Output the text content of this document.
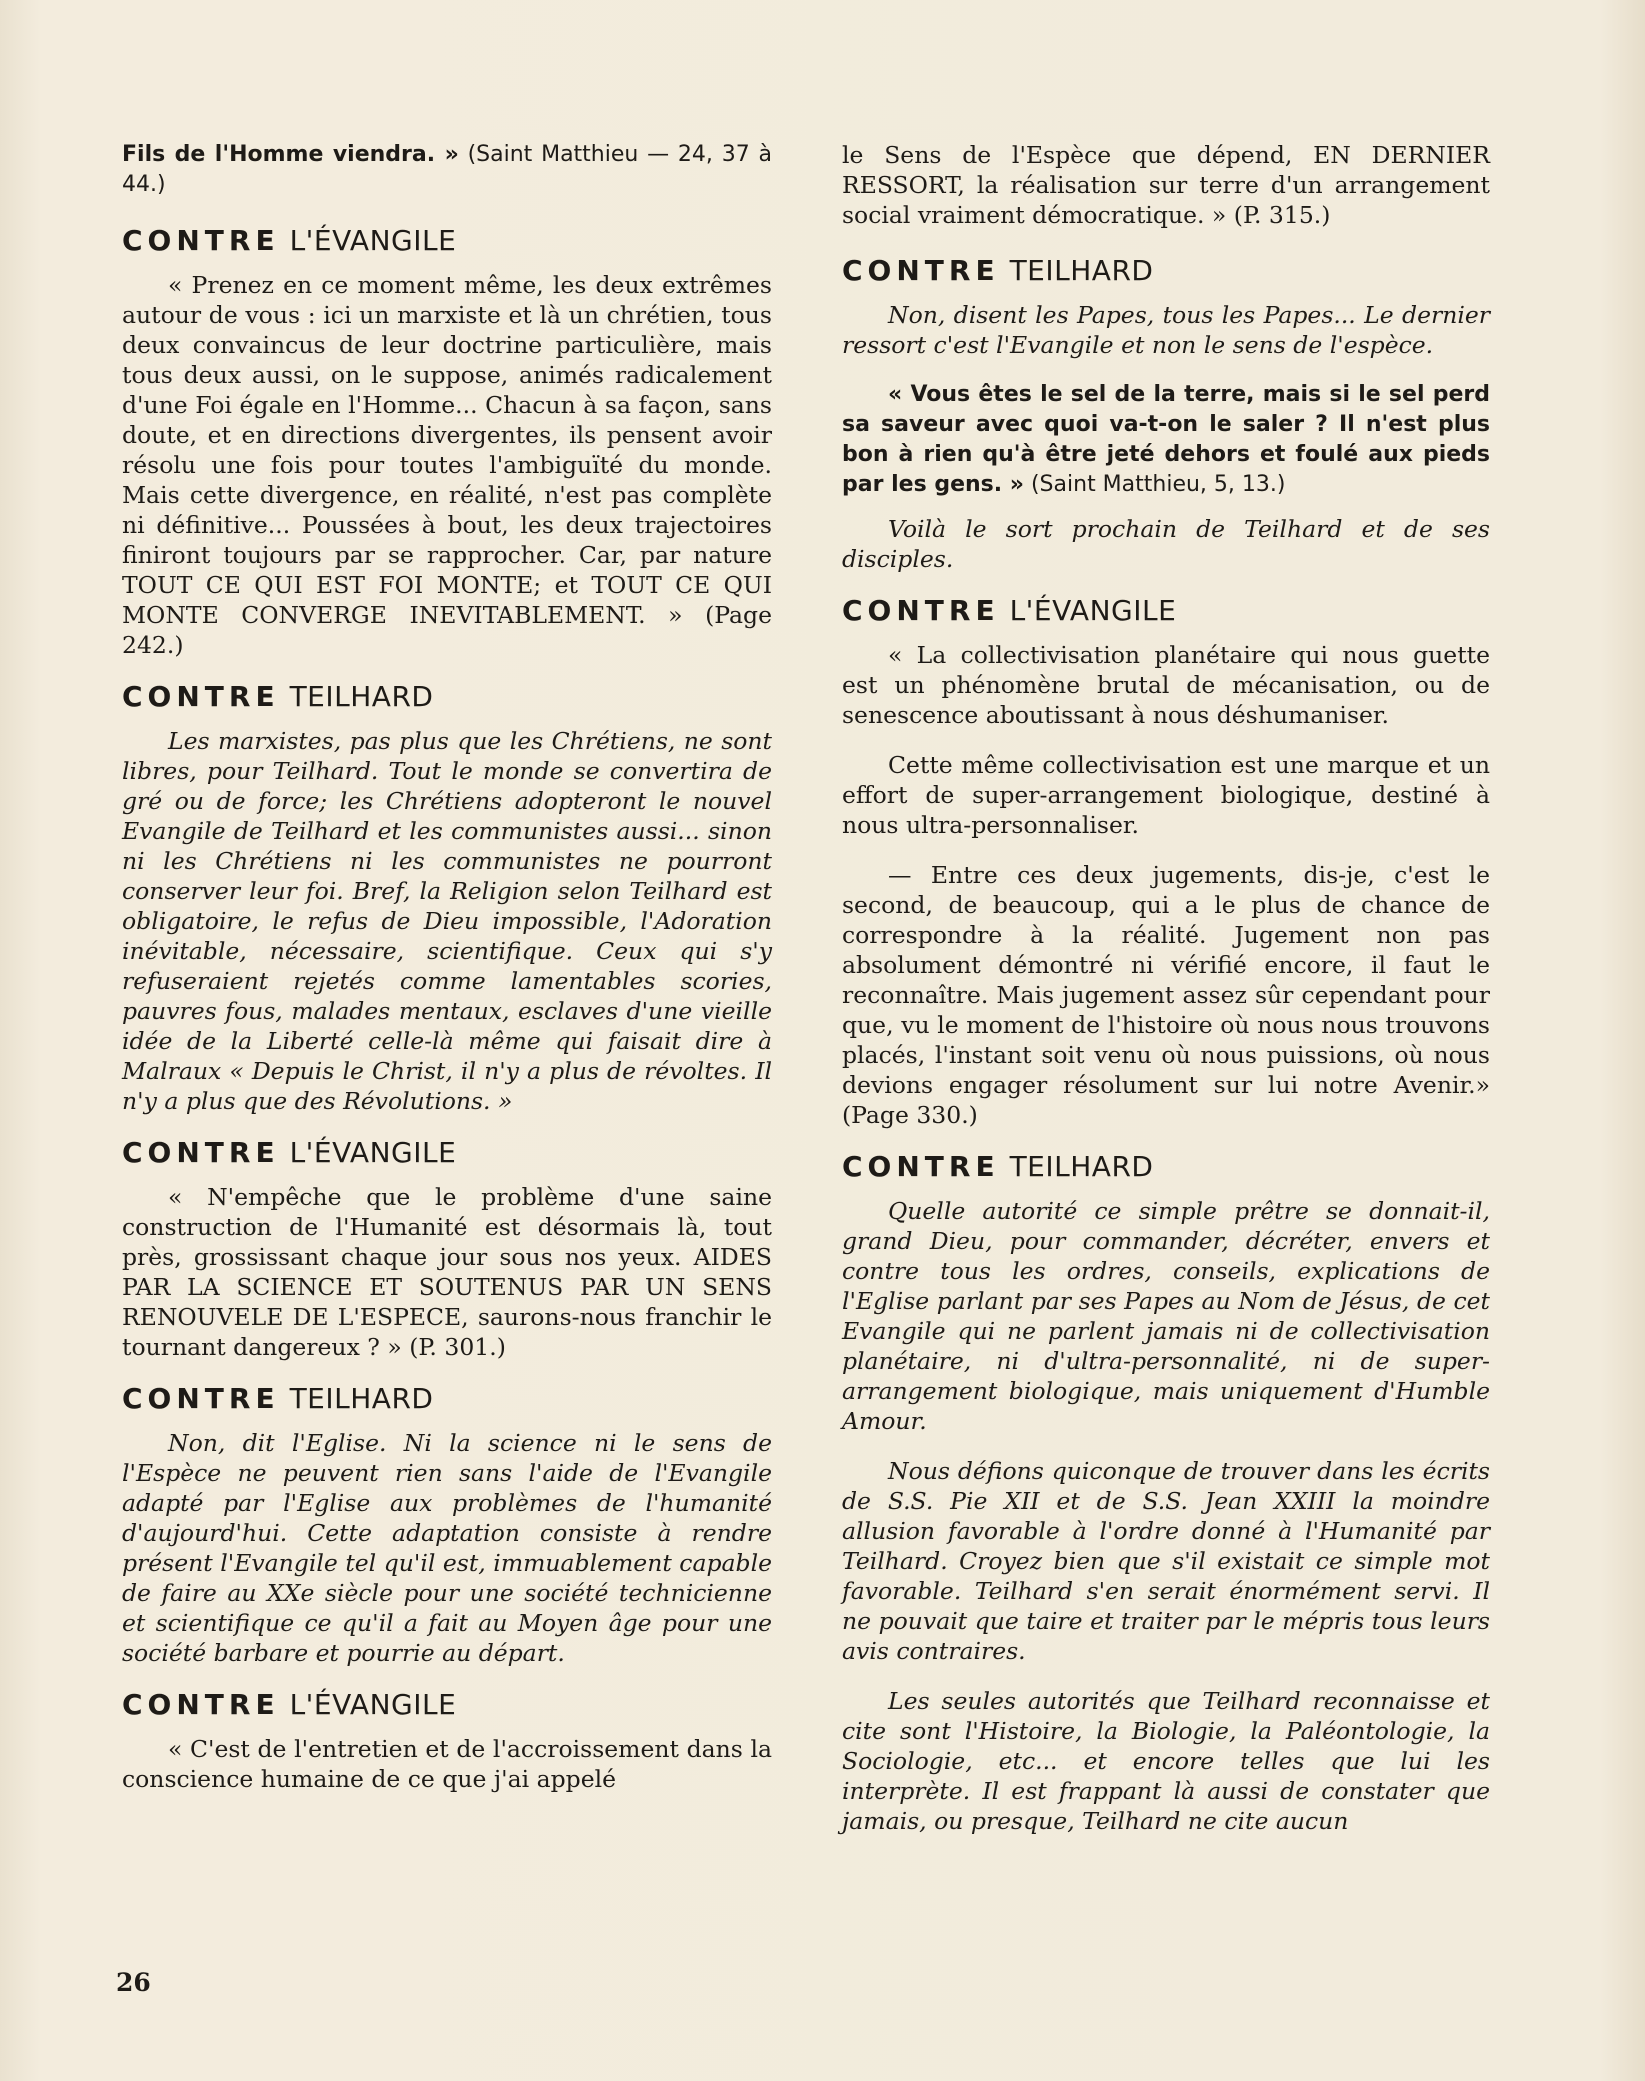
Fils de l'Homme viendra. » (Saint Matthieu — 24, 37 à 44.)

CONTRE L'ÉVANGILE

« Prenez en ce moment même, les deux extrêmes autour de vous : ici un marxiste et là un chrétien, tous deux convaincus de leur doctrine particulière, mais tous deux aussi, on le suppose, animés radicalement d'une Foi égale en l'Homme... Chacun à sa façon, sans doute, et en directions divergentes, ils pensent avoir résolu une fois pour toutes l'ambiguïté du monde. Mais cette divergence, en réalité, n'est pas complète ni définitive... Poussées à bout, les deux trajectoires finiront toujours par se rapprocher. Car, par nature TOUT CE QUI EST FOI MONTE; et TOUT CE QUI MONTE CONVERGE INEVITABLEMENT. » (Page 242.)

CONTRE TEILHARD

Les marxistes, pas plus que les Chrétiens, ne sont libres, pour Teilhard. Tout le monde se convertira de gré ou de force; les Chrétiens adopteront le nouvel Evangile de Teilhard et les communistes aussi... sinon ni les Chrétiens ni les communistes ne pourront conserver leur foi. Bref, la Religion selon Teilhard est obligatoire, le refus de Dieu impossible, l'Adoration inévitable, nécessaire, scientifique. Ceux qui s'y refuseraient rejetés comme lamentables scories, pauvres fous, malades mentaux, esclaves d'une vieille idée de la Liberté celle-là même qui faisait dire à Malraux « Depuis le Christ, il n'y a plus de révoltes. Il n'y a plus que des Révolutions. »

CONTRE L'ÉVANGILE

« N'empêche que le problème d'une saine construction de l'Humanité est désormais là, tout près, grossissant chaque jour sous nos yeux. AIDES PAR LA SCIENCE ET SOUTENUS PAR UN SENS RENOUVELE DE L'ESPECE, saurons-nous franchir le tournant dangereux ? » (P. 301.)

CONTRE TEILHARD

Non, dit l'Eglise. Ni la science ni le sens de l'Espèce ne peuvent rien sans l'aide de l'Evangile adapté par l'Eglise aux problèmes de l'humanité d'aujourd'hui. Cette adaptation consiste à rendre présent l'Evangile tel qu'il est, immuablement capable de faire au XXe siècle pour une société technicienne et scientifique ce qu'il a fait au Moyen âge pour une société barbare et pourrie au départ.

CONTRE L'ÉVANGILE

« C'est de l'entretien et de l'accroissement dans la conscience humaine de ce que j'ai appelé

le Sens de l'Espèce que dépend, EN DERNIER RESSORT, la réalisation sur terre d'un arrangement social vraiment démocratique. » (P. 315.)

CONTRE TEILHARD

Non, disent les Papes, tous les Papes... Le dernier ressort c'est l'Evangile et non le sens de l'espèce.

« Vous êtes le sel de la terre, mais si le sel perd sa saveur avec quoi va-t-on le saler ? Il n'est plus bon à rien qu'à être jeté dehors et foulé aux pieds par les gens. » (Saint Matthieu, 5, 13.)

Voilà le sort prochain de Teilhard et de ses disciples.

CONTRE L'ÉVANGILE

« La collectivisation planétaire qui nous guette est un phénomène brutal de mécanisation, ou de senescence aboutissant à nous déshumaniser.

Cette même collectivisation est une marque et un effort de super-arrangement biologique, destiné à nous ultra-personnaliser.

— Entre ces deux jugements, dis-je, c'est le second, de beaucoup, qui a le plus de chance de correspondre à la réalité. Jugement non pas absolument démontré ni vérifié encore, il faut le reconnaître. Mais jugement assez sûr cependant pour que, vu le moment de l'histoire où nous nous trouvons placés, l'instant soit venu où nous puissions, où nous devions engager résolument sur lui notre Avenir.» (Page 330.)

CONTRE TEILHARD

Quelle autorité ce simple prêtre se donnait-il, grand Dieu, pour commander, décréter, envers et contre tous les ordres, conseils, explications de l'Eglise parlant par ses Papes au Nom de Jésus, de cet Evangile qui ne parlent jamais ni de collectivisation planétaire, ni d'ultra-personnalité, ni de super-arrangement biologique, mais uniquement d'Humble Amour.

Nous défions quiconque de trouver dans les écrits de S.S. Pie XII et de S.S. Jean XXIII la moindre allusion favorable à l'ordre donné à l'Humanité par Teilhard. Croyez bien que s'il existait ce simple mot favorable. Teilhard s'en serait énormément servi. Il ne pouvait que taire et traiter par le mépris tous leurs avis contraires.

Les seules autorités que Teilhard reconnaisse et cite sont l'Histoire, la Biologie, la Paléontologie, la Sociologie, etc... et encore telles que lui les interprète. Il est frappant là aussi de constater que jamais, ou presque, Teilhard ne cite aucun

26
